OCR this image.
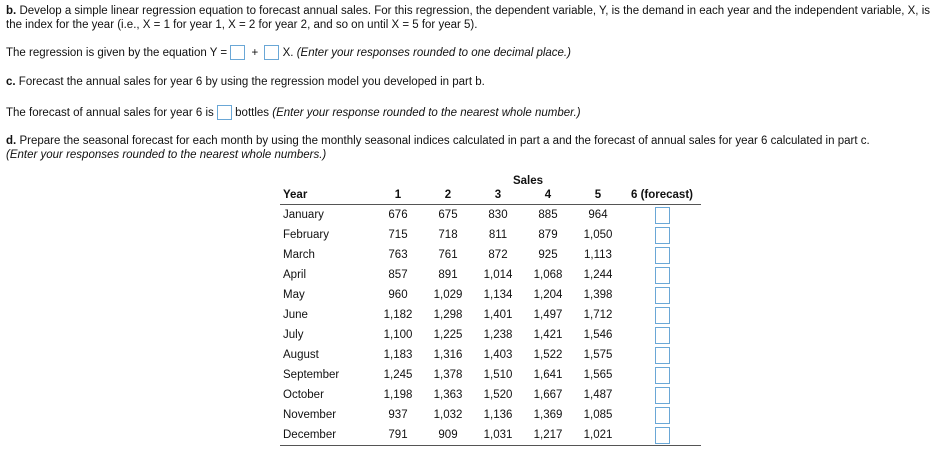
b. Develop a simple linear regression equation to forecast annual sales. For this regression, the dependent variable, Y, is the demand in each year and the independent variable, X, is the index for the year (i.e., X = 1 for year 1, X = 2 for year 2, and so on until X = 5 for year 5).
The regression is given by the equation Y = + X. (Enter your responses rounded to one decimal place.)
c. Forecast the annual sales for year 6 by using the regression model you developed in part b.
The forecast of annual sales for year 6 is bottles (Enter your response rounded to the nearest whole number.)
d. Prepare the seasonal forecast for each month by using the monthly seasonal indices calculated in part a and the forecast of annual sales for year 6 calculated in part c.
(Enter your responses rounded to the nearest whole numbers.)
	Sales					
Year	1	2	3	4	5	6 (forecast)
January	676	675	830	885	964	
February	715	718	811	879	1,050	
March	763	761	872	925	1,113	
April	857	891	1,014	1,068	1,244	
May	960	1,029	1,134	1,204	1,398	
June	1,182	1,298	1,401	1,497	1,712	
July	1,100	1,225	1,238	1,421	1,546	
August	1,183	1,316	1,403	1,522	1,575	
September	1,245	1,378	1,510	1,641	1,565	
October	1,198	1,363	1,520	1,667	1,487	
November	937	1,032	1,136	1,369	1,085	
December	791	909	1,031	1,217	1,021	
